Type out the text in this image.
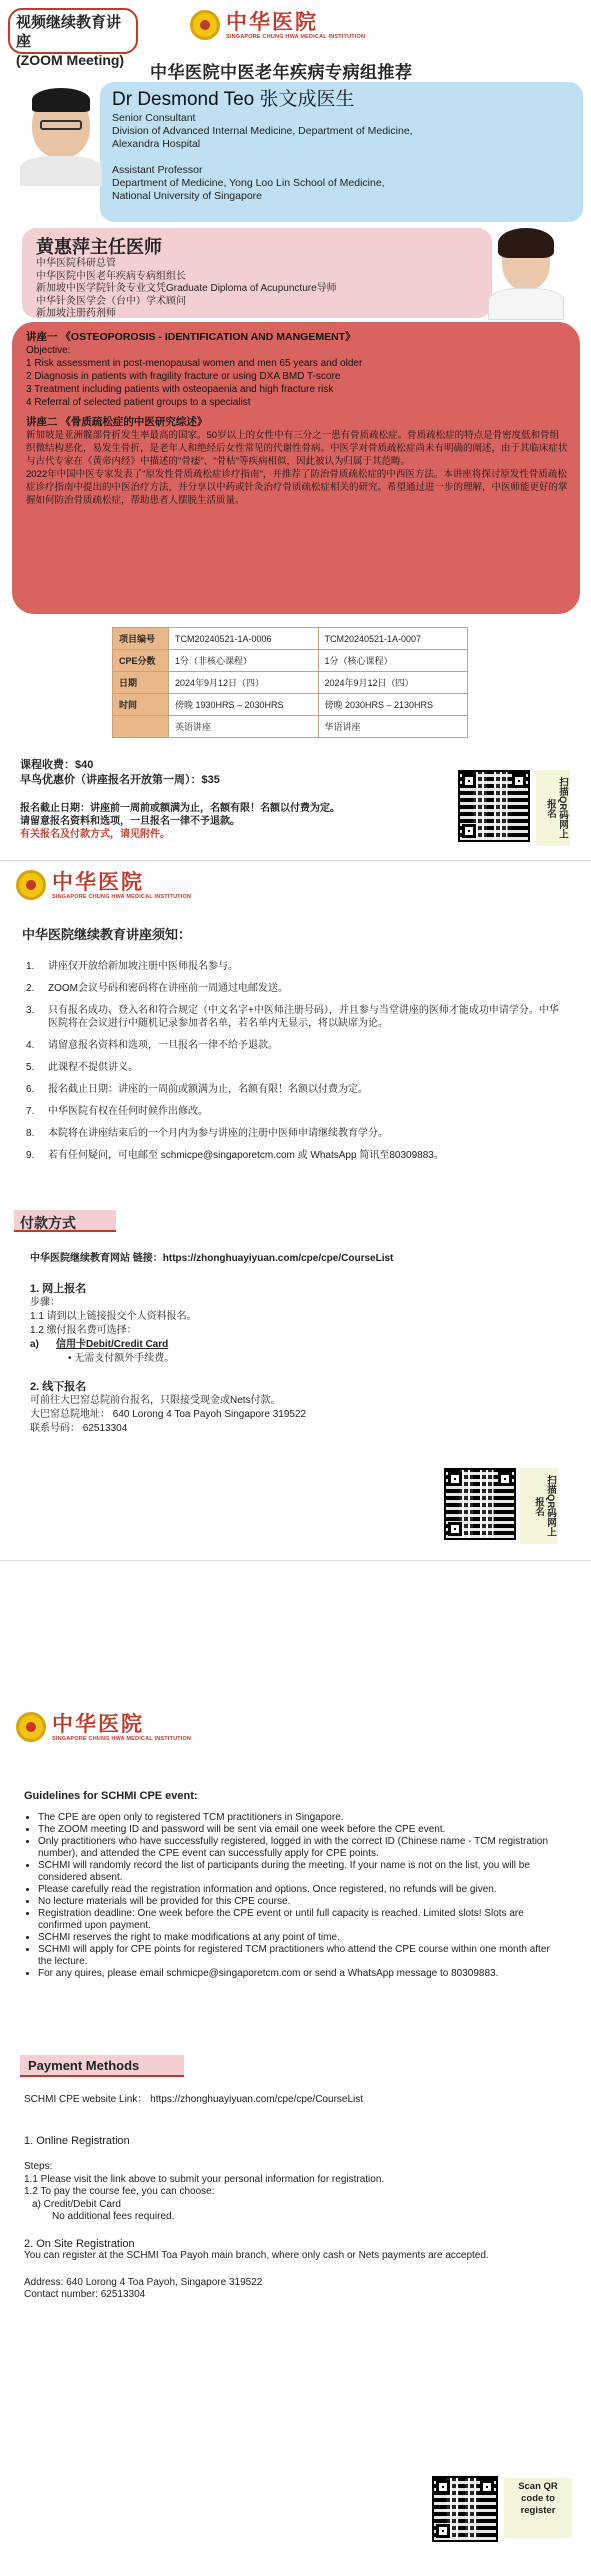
视频继续教育讲座
(ZOOM Meeting)
中华医院
SINGAPORE CHUNG HWA MEDICAL INSTITUTION
中华医院中医老年疾病专病组推荐
Dr Desmond Teo 张文成医生
Senior Consultant
Division of Advanced Internal Medicine, Department of Medicine,
Alexandra Hospital
Assistant Professor
Department of Medicine, Yong Loo Lin School of Medicine,
National University of Singapore
黄惠萍主任医师
中华医院科研总管
中华医院中医老年疾病专病组组长
新加坡中医学院针灸专业文凭Graduate Diploma of Acupuncture导师
中华针灸医学会（台中）学术顾问
新加坡注册药剂师
讲座一 《OSTEOPOROSIS - IDENTIFICATION AND MANGEMENT》
Objective:
1 Risk assessment in post-menopausal women and men 65 years and older
2 Diagnosis in patients with fragility fracture or using DXA BMD T-score
3 Treatment including patients with osteopaenia and high fracture risk
4 Referral of selected patient groups to a specialist
讲座二 《骨质疏松症的中医研究综述》
新加坡是亚洲髋部骨折发生率最高的国家。50岁以上的女性中有三分之一患有骨质疏松症。骨质疏松症的特点是骨密度低和骨组织微结构恶化，易发生骨折，是老年人和绝经后女性常见的代谢性骨病。中医学对骨质疏松症尚未有明确的阐述，由于其临床症状与古代专家在《黄帝内经》中描述的"骨痿"、"骨枯"等疾病相似，因此被认为归属于其范畴。
2022年中国中医专家发表了"原发性骨质疏松症诊疗指南"，并推荐了防治骨质疏松症的中西医方法。本讲座将探讨原发性骨质疏松症诊疗指南中提出的中医治疗方法，并分享以中药或针灸治疗骨质疏松症相关的研究。希望通过进一步的理解，中医师能更好的掌握如何防治骨质疏松症，帮助患者人摆脱生活质量。
项目编号	TCM20240521-1A-0006	TCM20240521-1A-0007
CPE分数	1分（非核心课程）	1分（核心课程）
日期	2024年9月12日（四）	2024年9月12日（四）
时间	傍晚 1930HRS – 2030HRS	傍晚 2030HRS – 2130HRS
	英语讲座	华语讲座
课程收费：$40
早鸟优惠价（讲座报名开放第一周）：$35
报名截止日期：讲座前一周前或额满为止，名额有限！名额以付费为定。
请留意报名资料和选项，一旦报名一律不予退款。
有关报名及付款方式，请见附件。	扫描QR码网上报名
中华医院
SINGAPORE CHUNG HWA MEDICAL INSTITUTION
中华医院继续教育讲座须知：
1.	讲座仅开放给新加坡注册中医师报名参与。
2.	ZOOM会议号码和密码将在讲座前一周通过电邮发送。
3.	只有报名成功、登入名和符合规定（中文名字+中医师注册号码），并且参与当堂讲座的医师才能成功申请学分。中华医院将在会议进行中随机记录参加者名单，若名单内无显示，将以缺席为论。
4.	请留意报名资料和选项，一旦报名一律不给予退款。
5.	此课程不提供讲义。
6.	报名截止日期：讲座的一周前或额满为止，名额有限！名额以付费为定。
7.	中华医院有权在任何时候作出修改。
8.	本院将在讲座结束后的一个月内为参与讲座的注册中医师申请继续教育学分。
9.	若有任何疑问，可电邮至 schmicpe@singaporetcm.com 或 WhatsApp 简讯至80309883。
付款方式
中华医院继续教育网站 链接：https://zhonghuayiyuan.com/cpe/cpe/CourseList
1. 网上报名
步骤：
1.1 请到以上链接报交个人资料报名。
1.2 缴付报名费可选择：
a)	信用卡Debit/Credit Card
• 无需支付额外手续费。
2. 线下报名
可前往大巴窑总院前台报名，只限接受现金或Nets付款。
大巴窑总院地址： 640 Lorong 4 Toa Payoh Singapore 319522
联系号码： 62513304
扫描QR码网上报名
中华医院
SINGAPORE CHUNG HWA MEDICAL INSTITUTION
Guidelines for SCHMI CPE event:
• The CPE are open only to registered TCM practitioners in Singapore.
• The ZOOM meeting ID and password will be sent via email one week before the CPE event.
• Only practitioners who have successfully registered, logged in with the correct ID (Chinese name - TCM registration number), and attended the CPE event can successfully apply for CPE points.
• SCHMI will randomly record the list of participants during the meeting. If your name is not on the list, you will be considered absent.
• Please carefully read the registration information and options. Once registered, no refunds will be given.
• No lecture materials will be provided for this CPE course.
• Registration deadline: One week before the CPE event or until full capacity is reached. Limited slots! Slots are confirmed upon payment.
• SCHMI reserves the right to make modifications at any point of time.
• SCHMI will apply for CPE points for registered TCM practitioners who attend the CPE course within one month after the lecture.
• For any quires, please email schmicpe@singaporetcm.com or send a WhatsApp message to 80309883.
Payment Methods
SCHMI CPE website Link： https://zhonghuayiyuan.com/cpe/cpe/CourseList
1. Online Registration
Steps:
1.1 Please visit the link above to submit your personal information for registration.
1.2 To pay the course fee, you can choose:
a) Credit/Debit Card
No additional fees required.
2. On Site Registration
You can register at the SCHMI Toa Payoh main branch, where only cash or Nets payments are accepted.
Address: 640 Lorong 4 Toa Payoh, Singapore 319522
Contact number: 62513304
Scan QR code to register
